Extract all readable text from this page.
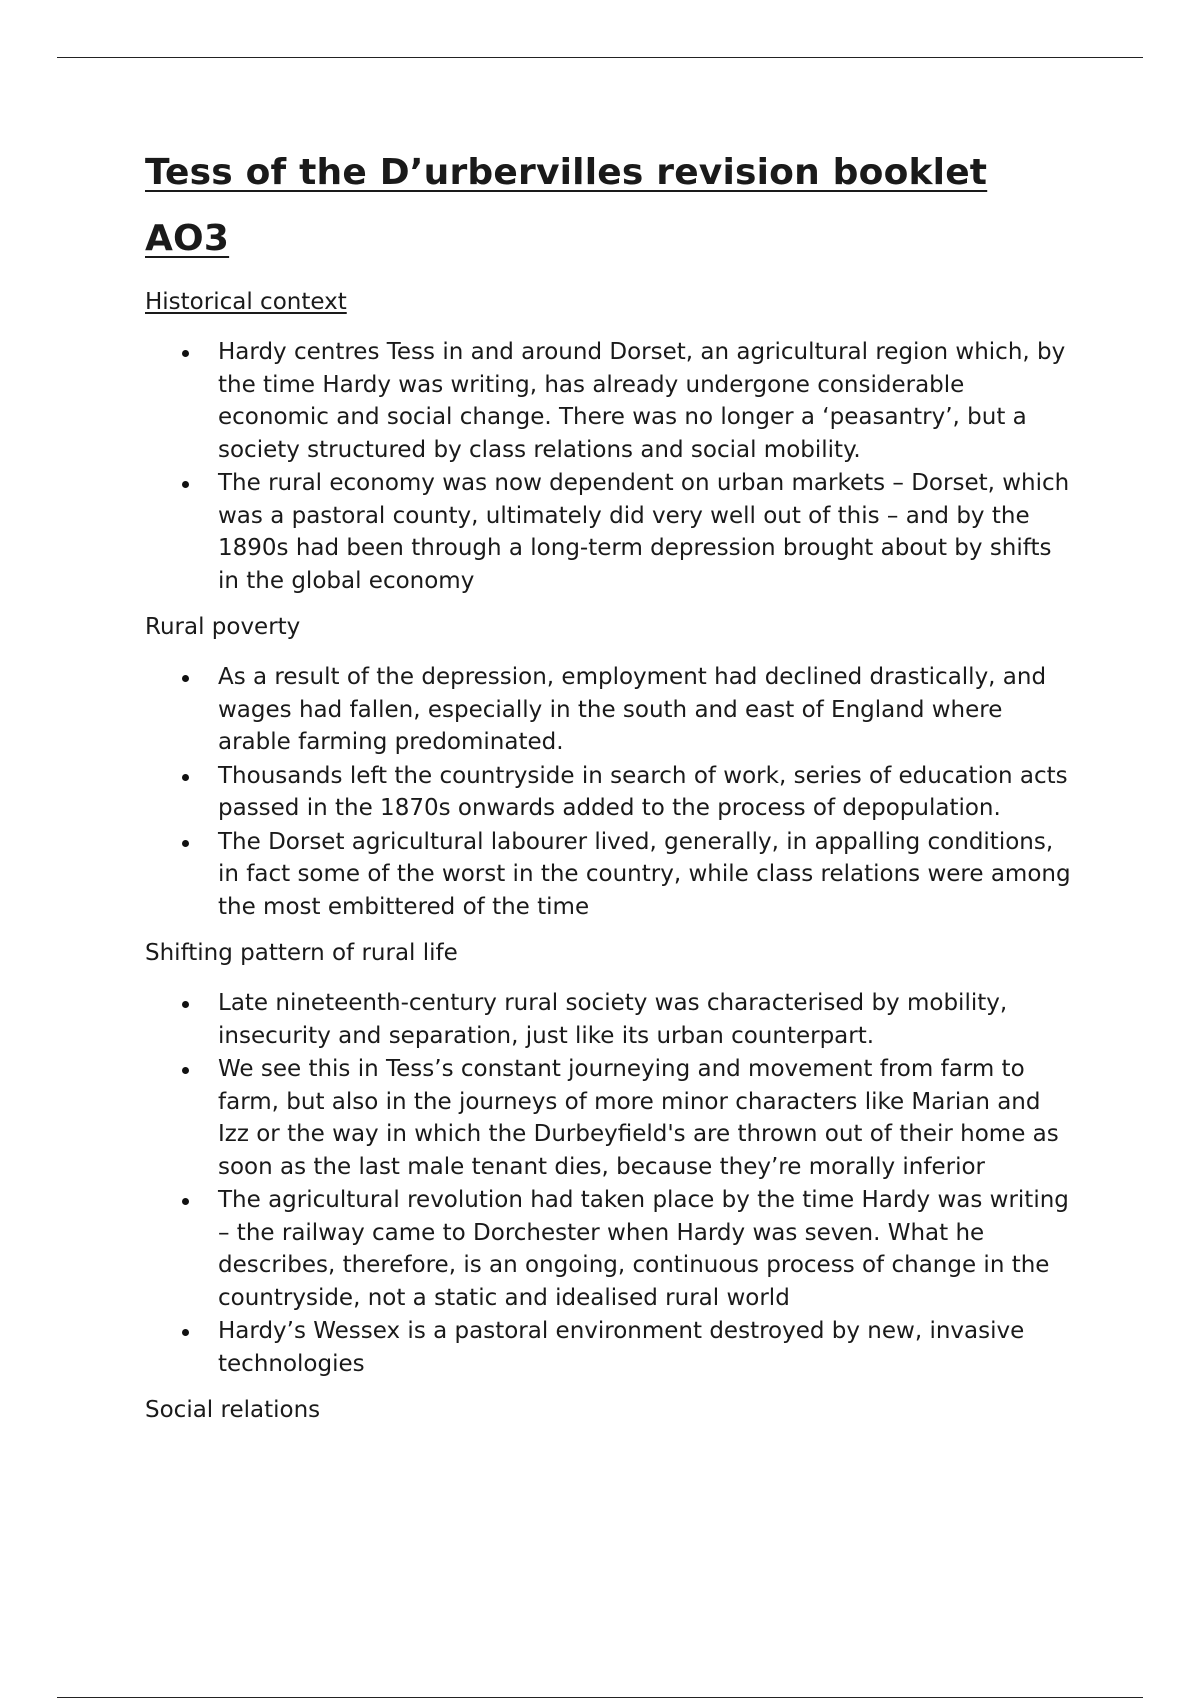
Tess of the D’urbervilles revision booklet
AO3
Historical context
Hardy centres Tess in and around Dorset, an agricultural region which, by the time Hardy was writing, has already undergone considerable economic and social change. There was no longer a ‘peasantry’, but a society structured by class relations and social mobility.
The rural economy was now dependent on urban markets – Dorset, which was a pastoral county, ultimately did very well out of this – and by the 1890s had been through a long-term depression brought about by shifts in the global economy
Rural poverty
As a result of the depression, employment had declined drastically, and wages had fallen, especially in the south and east of England where arable farming predominated.
Thousands left the countryside in search of work, series of education acts passed in the 1870s onwards added to the process of depopulation.
The Dorset agricultural labourer lived, generally, in appalling conditions, in fact some of the worst in the country, while class relations were among the most embittered of the time
Shifting pattern of rural life
Late nineteenth-century rural society was characterised by mobility, insecurity and separation, just like its urban counterpart.
We see this in Tess’s constant journeying and movement from farm to farm, but also in the journeys of more minor characters like Marian and Izz or the way in which the Durbeyfield's are thrown out of their home as soon as the last male tenant dies, because they’re morally inferior
The agricultural revolution had taken place by the time Hardy was writing – the railway came to Dorchester when Hardy was seven. What he describes, therefore, is an ongoing, continuous process of change in the countryside, not a static and idealised rural world
Hardy’s Wessex is a pastoral environment destroyed by new, invasive technologies
Social relations
